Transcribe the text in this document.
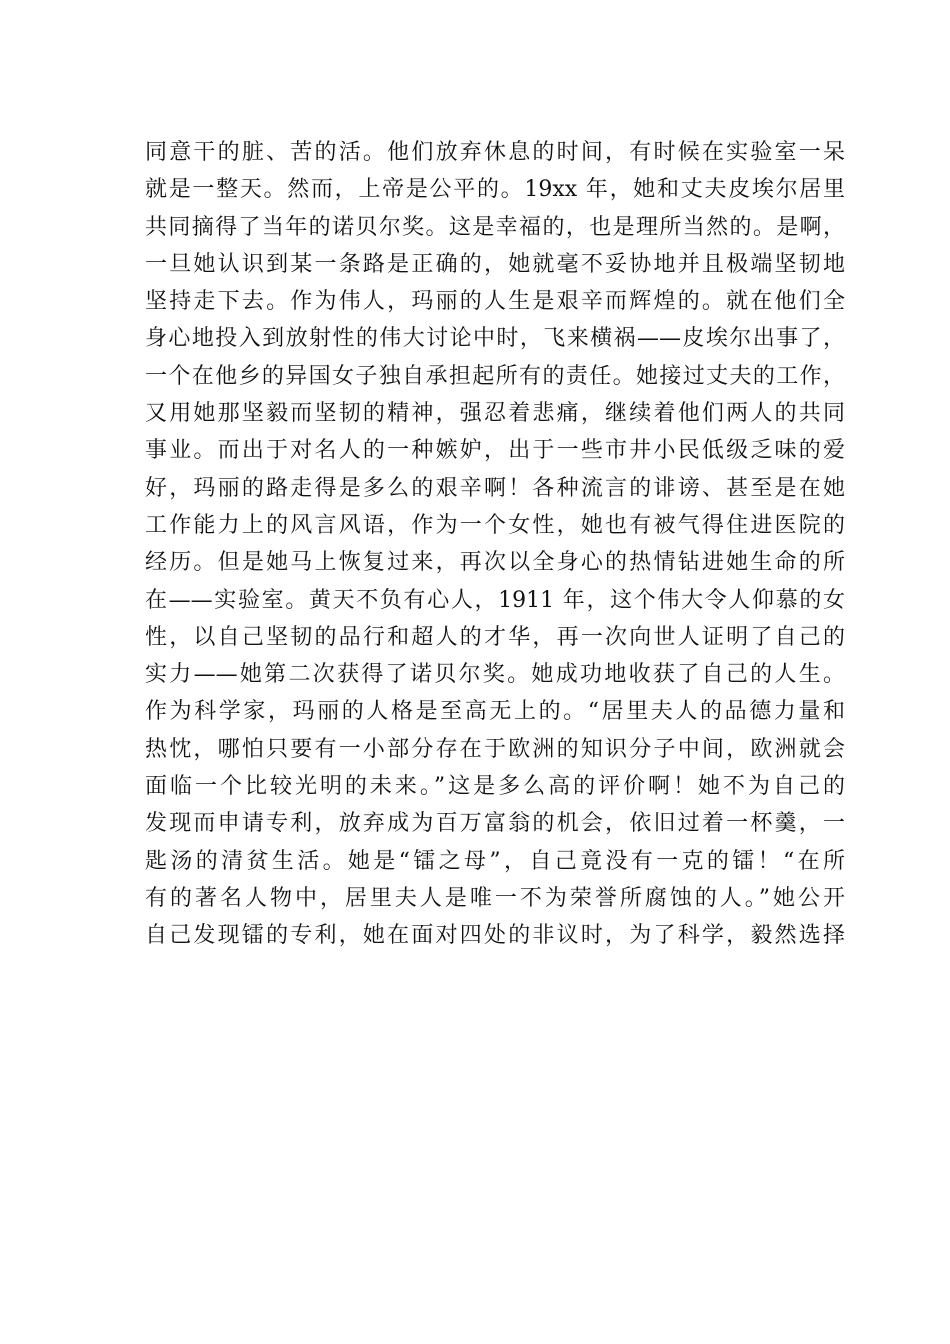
同意干的脏、苦的活。他们放弃休息的时间，有时候在实验室一呆
就是一整天。然而，上帝是公平的。19xx 年，她和丈夫皮埃尔居里
共同摘得了当年的诺贝尔奖。这是幸福的，也是理所当然的。是啊，
一旦她认识到某一条路是正确的，她就毫不妥协地并且极端坚韧地
坚持走下去。作为伟人，玛丽的人生是艰辛而辉煌的。就在他们全
身心地投入到放射性的伟大讨论中时，飞来横祸——皮埃尔出事了，
一个在他乡的异国女子独自承担起所有的责任。她接过丈夫的工作，
又用她那坚毅而坚韧的精神，强忍着悲痛，继续着他们两人的共同
事业。而出于对名人的一种嫉妒，出于一些市井小民低级乏味的爱
好，玛丽的路走得是多么的艰辛啊！各种流言的诽谤、甚至是在她
工作能力上的风言风语，作为一个女性，她也有被气得住进医院的
经历。但是她马上恢复过来，再次以全身心的热情钻进她生命的所
在——实验室。黄天不负有心人，1911 年，这个伟大令人仰慕的女
性，以自己坚韧的品行和超人的才华，再一次向世人证明了自己的
实力——她第二次获得了诺贝尔奖。她成功地收获了自己的人生。
作为科学家，玛丽的人格是至高无上的。“居里夫人的品德力量和
热忱，哪怕只要有一小部分存在于欧洲的知识分子中间，欧洲就会
面临一个比较光明的未来。”这是多么高的评价啊！她不为自己的
发现而申请专利，放弃成为百万富翁的机会，依旧过着一杯羹，一
匙汤的清贫生活。她是“镭之母”，自己竟没有一克的镭！“在所
有的著名人物中，居里夫人是唯一不为荣誉所腐蚀的人。”她公开
自己发现镭的专利，她在面对四处的非议时，为了科学，毅然选择
